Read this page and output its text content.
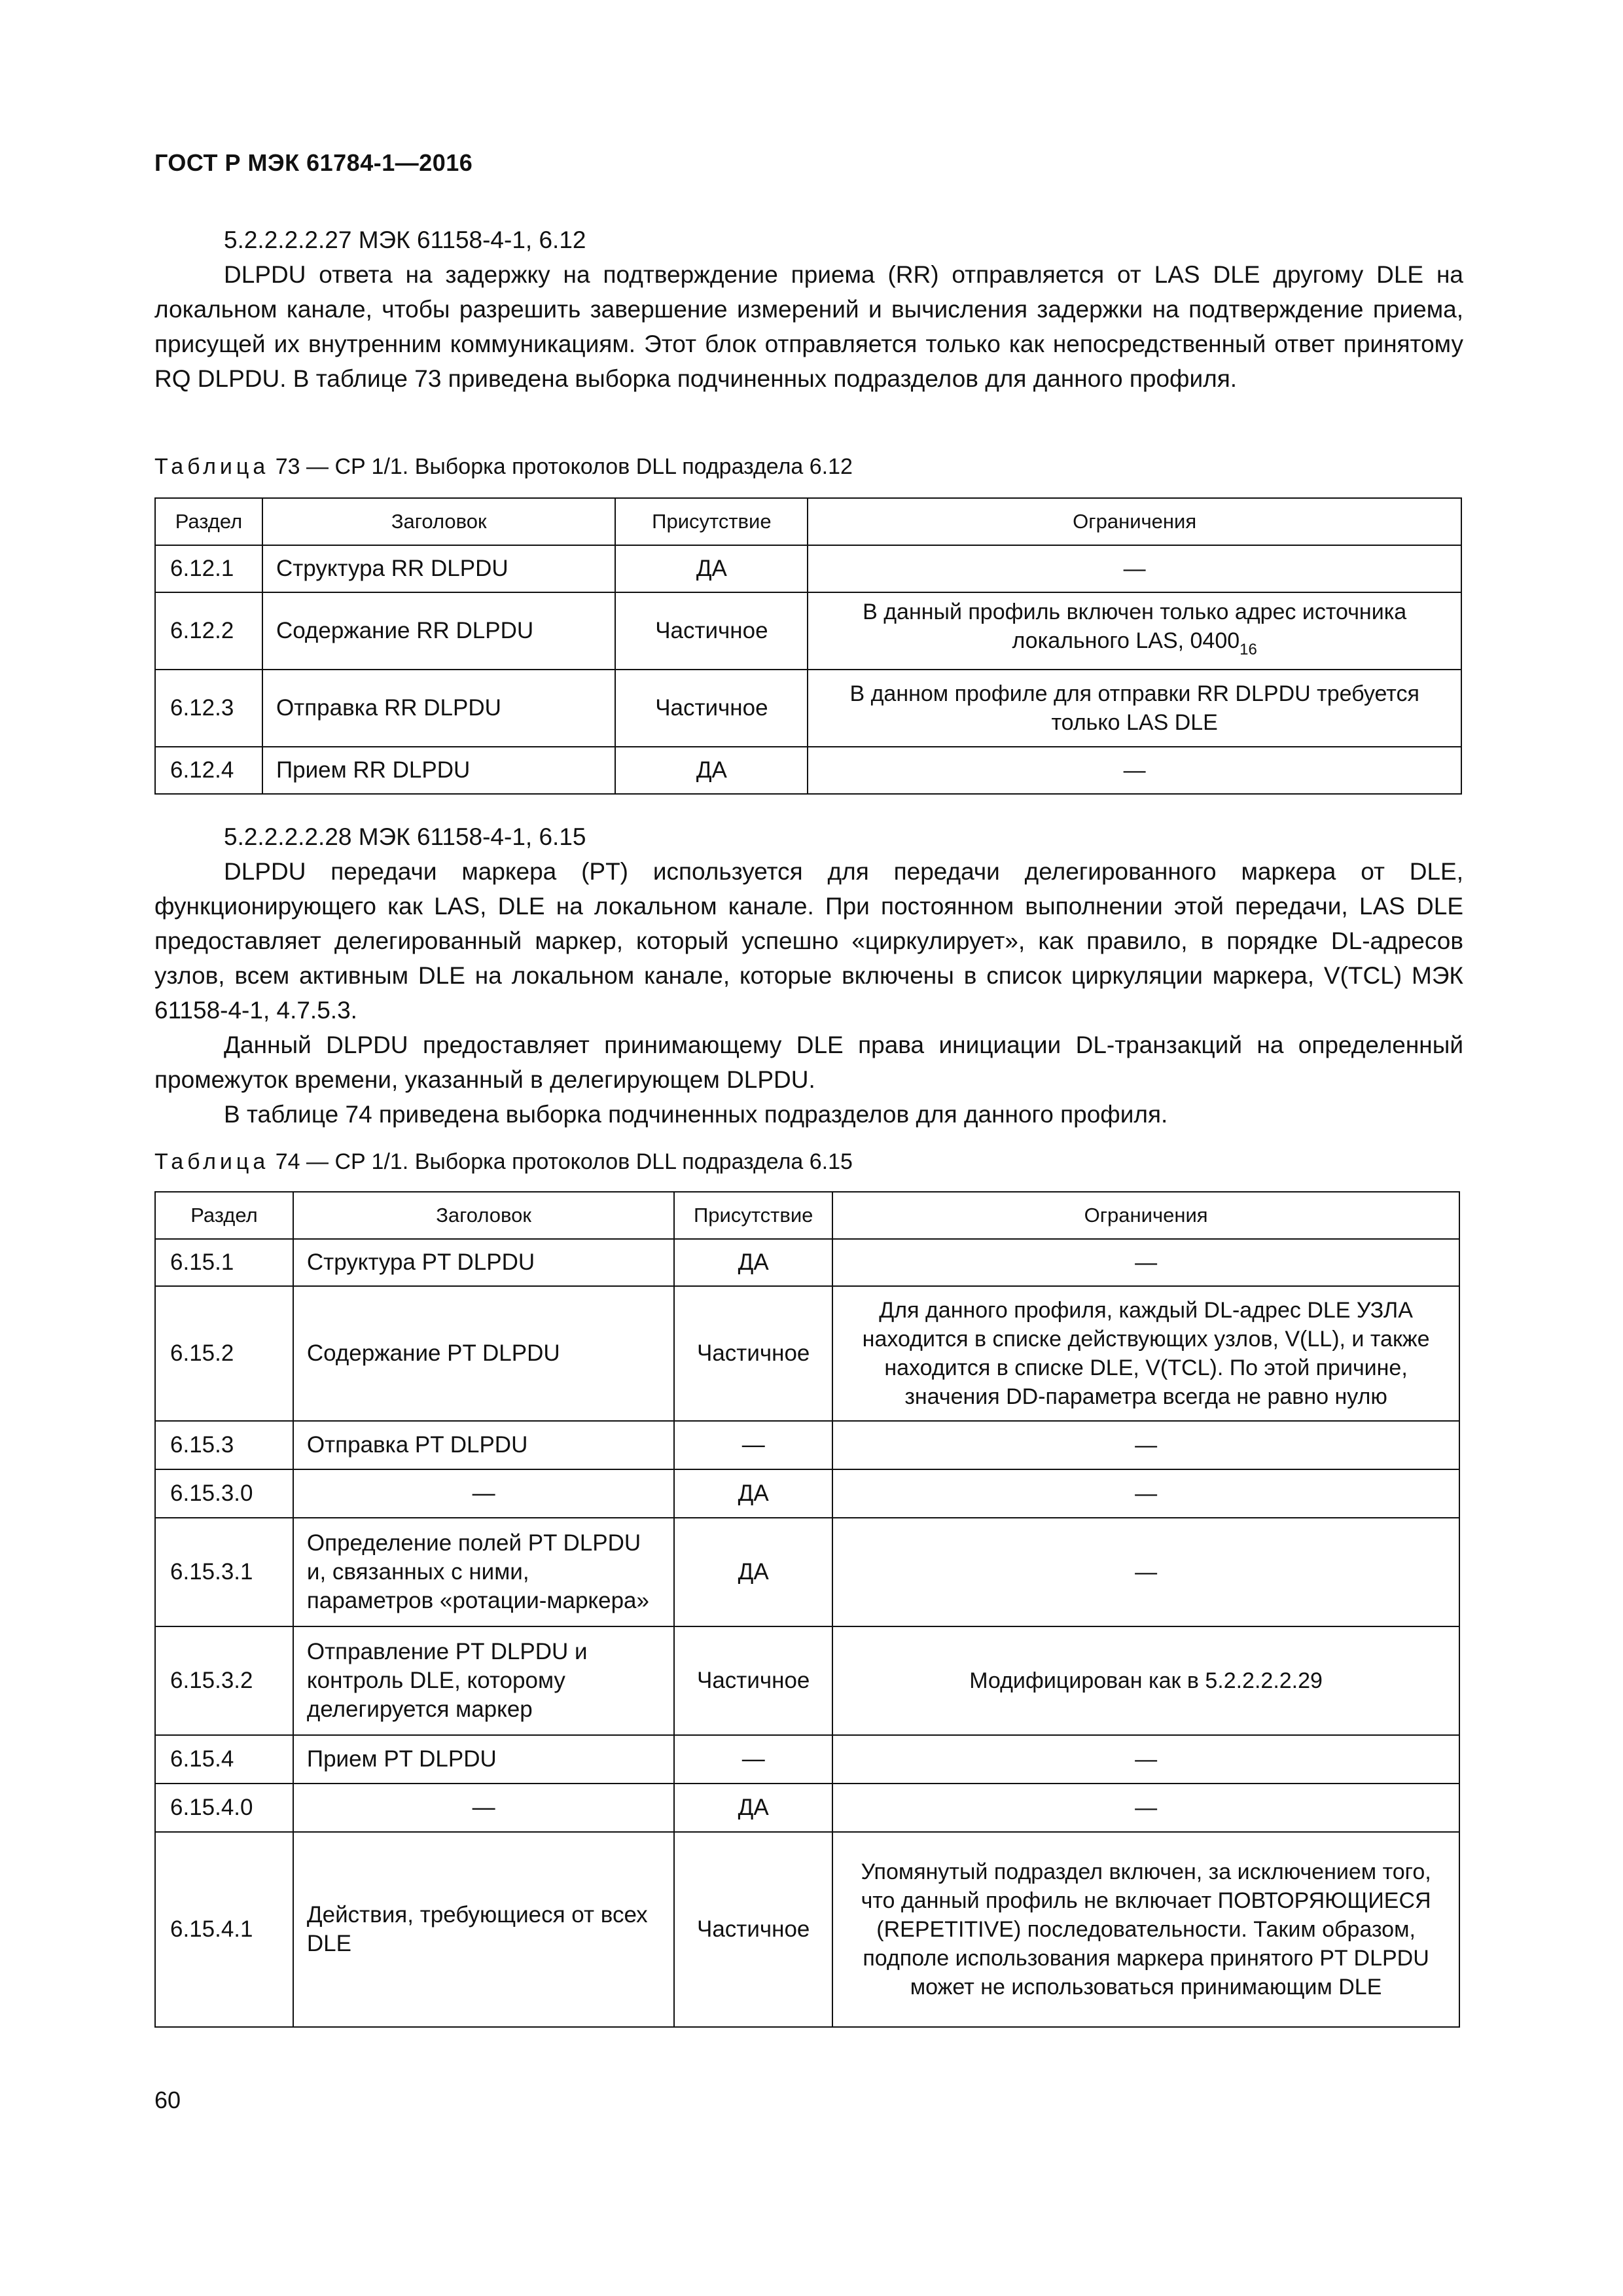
ГОСТ Р МЭК 61784-1—2016
5.2.2.2.2.27 МЭК 61158-4-1, 6.12

DLPDU ответа на задержку на подтверждение приема (RR) отправляется от LAS DLE другому DLE на локальном канале, чтобы разрешить завершение измерений и вычисления задержки на подтверждение приема, присущей их внутренним коммуникациям. Этот блок отправляется только как непосредственный ответ принятому RQ DLPDU. В таблице 73 приведена выборка подчиненных подразделов для данного профиля.

Таблица 73 — CP 1/1. Выборка протоколов DLL подраздела 6.12
Раздел	Заголовок	Присутствие	Ограничения
6.12.1	Структура RR DLPDU	ДА	—
6.12.2	Содержание RR DLPDU	Частичное	В данный профиль включен только адрес источника локального LAS, $0400_{16}$
6.12.3	Отправка RR DLPDU	Частичное	В данном профиле для отправки RR DLPDU требуется только LAS DLE
6.12.4	Прием RR DLPDU	ДА	—
5.2.2.2.2.28 МЭК 61158-4-1, 6.15

DLPDU передачи маркера (PT) используется для передачи делегированного маркера от DLE, функционирующего как LAS, DLE на локальном канале. При постоянном выполнении этой передачи, LAS DLE предоставляет делегированный маркер, который успешно «циркулирует», как правило, в порядке DL-адресов узлов, всем активным DLE на локальном канале, которые включены в список циркуляции маркера, V(TCL) МЭК 61158-4-1, 4.7.5.3.

Данный DLPDU предоставляет принимающему DLE права инициации DL-транзакций на определенный промежуток времени, указанный в делегирующем DLPDU.

В таблице 74 приведена выборка подчиненных подразделов для данного профиля.

Таблица 74 — CP 1/1. Выборка протоколов DLL подраздела 6.15
Раздел	Заголовок	Присутствие	Ограничения
6.15.1	Структура PT DLPDU	ДА	—
6.15.2	Содержание PT DLPDU	Частичное	Для данного профиля, каждый DL-адрес DLE УЗЛА находится в списке действующих узлов, V(LL), и также находится в списке DLE, V(TCL). По этой причине, значения DD-параметра всегда не равно нулю
6.15.3	Отправка PT DLPDU	—	—
6.15.3.0	—	ДА	—
6.15.3.1	Определение полей PT DLPDU и, связанных с ними, параметров «ротации-маркера»	ДА	—
6.15.3.2	Отправление PT DLPDU и контроль DLE, которому делегируется маркер	Частичное	Модифицирован как в 5.2.2.2.2.29
6.15.4	Прием PT DLPDU	—	—
6.15.4.0	—	ДА	—
6.15.4.1	Действия, требующиеся от всех DLE	Частичное	Упомянутый подраздел включен, за исключением того, что данный профиль не включает ПОВТОРЯЮЩИЕСЯ (REPETITIVE) последовательности. Таким образом, подполе использования маркера принятого PT DLPDU может не использоваться принимающим DLE
60
